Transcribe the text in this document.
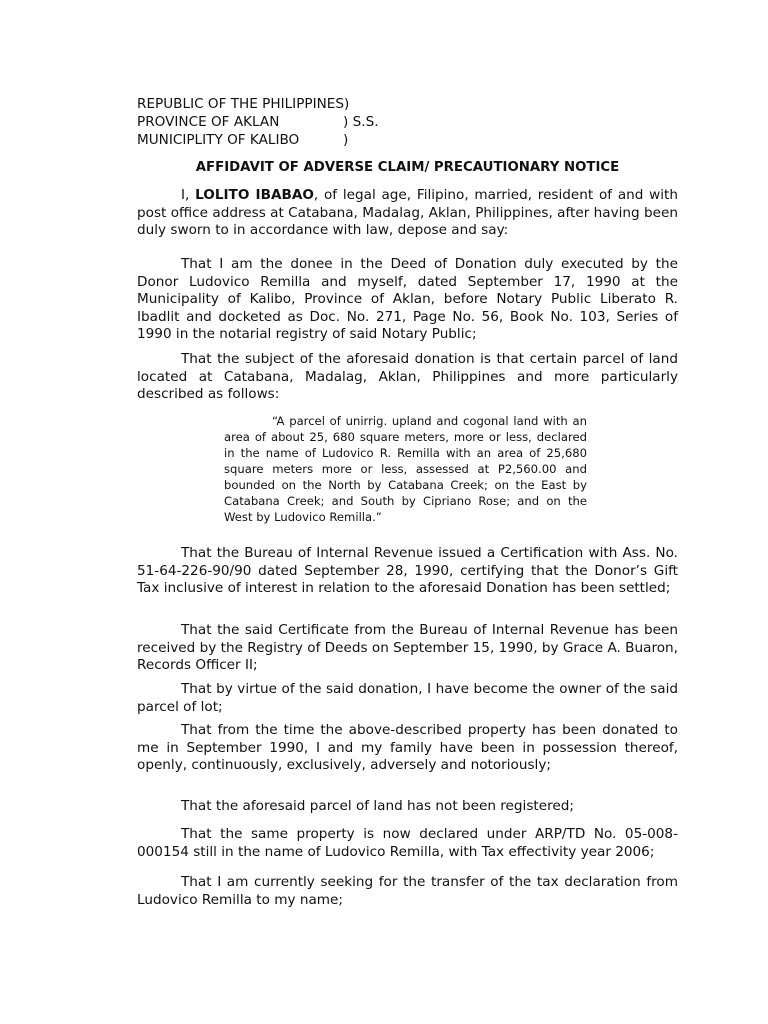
REPUBLIC OF THE PHILIPPINES)
PROVINCE OF AKLAN	) S.S.
MUNICIPLITY OF KALIBO	)
AFFIDAVIT OF ADVERSE CLAIM/ PRECAUTIONARY NOTICE

I, LOLITO IBABAO, of legal age, Filipino, married, resident of and with post office address at Catabana, Madalag, Aklan, Philippines, after having been duly sworn to in accordance with law, depose and say:

That I am the donee in the Deed of Donation duly executed by the Donor Ludovico Remilla and myself, dated September 17, 1990 at the Municipality of Kalibo, Province of Aklan, before Notary Public Liberato R. Ibadlit and docketed as Doc. No. 271, Page No. 56, Book No. 103, Series of 1990 in the notarial registry of said Notary Public;

That the subject of the aforesaid donation is that certain parcel of land located at Catabana, Madalag, Aklan, Philippines and more particularly described as follows:

“A parcel of unirrig. upland and cogonal land with an area of about 25, 680 square meters, more or less, declared in the name of Ludovico R. Remilla with an area of 25,680 square meters more or less, assessed at P2,560.00 and bounded on the North by Catabana Creek; on the East by Catabana Creek; and South by Cipriano Rose; and on the West by Ludovico Remilla.”

That the Bureau of Internal Revenue issued a Certification with Ass. No. 51-64-226-90/90 dated September 28, 1990, certifying that the Donor’s Gift Tax inclusive of interest in relation to the aforesaid Donation has been settled;

That the said Certificate from the Bureau of Internal Revenue has been received by the Registry of Deeds on September 15, 1990, by Grace A. Buaron, Records Officer II;

That by virtue of the said donation, I have become the owner of the said parcel of lot;

That from the time the above-described property has been donated to me in September 1990, I and my family have been in possession thereof, openly, continuously, exclusively, adversely and notoriously;

That the aforesaid parcel of land has not been registered;

That the same property is now declared under ARP/TD No. 05-008-000154 still in the name of Ludovico Remilla, with Tax effectivity year 2006;

That I am currently seeking for the transfer of the tax declaration from Ludovico Remilla to my name;
